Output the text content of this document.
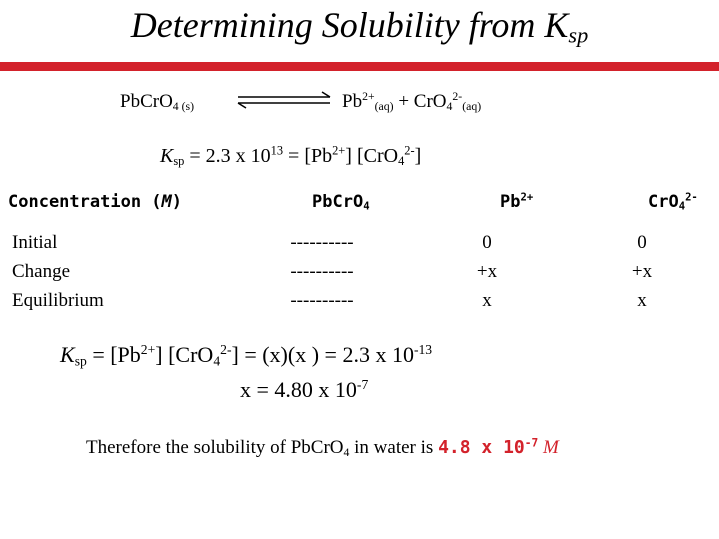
Determining Solubility from $K_{sp}$
PbCrO$_4$ $_{(s)}$	$Pb^{2+}_{(aq)} + CrO_4^{2-}_{(aq)}$
$K_{sp} = 2.3$ x $10^{13} = [Pb^{2+}]$ [CrO$_4^{2-}$]
Concentration (M)	PbCrO$_4$	$Pb^{2+}$	CrO$_4^{2-}$
Initial	----------	0	0
Change	----------	+x	+x
Equilibrium	----------	x	x
$K_{sp} = [Pb^{2+}] [CrO_4^{2-}] = (x)(x$ ) = 2.3 x $10^{-13}$
x = 4.80 x $10^{-7}$
Therefore the solubility of PbCrO$_4$ in water is 4.8 x $10^{-7}$ M
